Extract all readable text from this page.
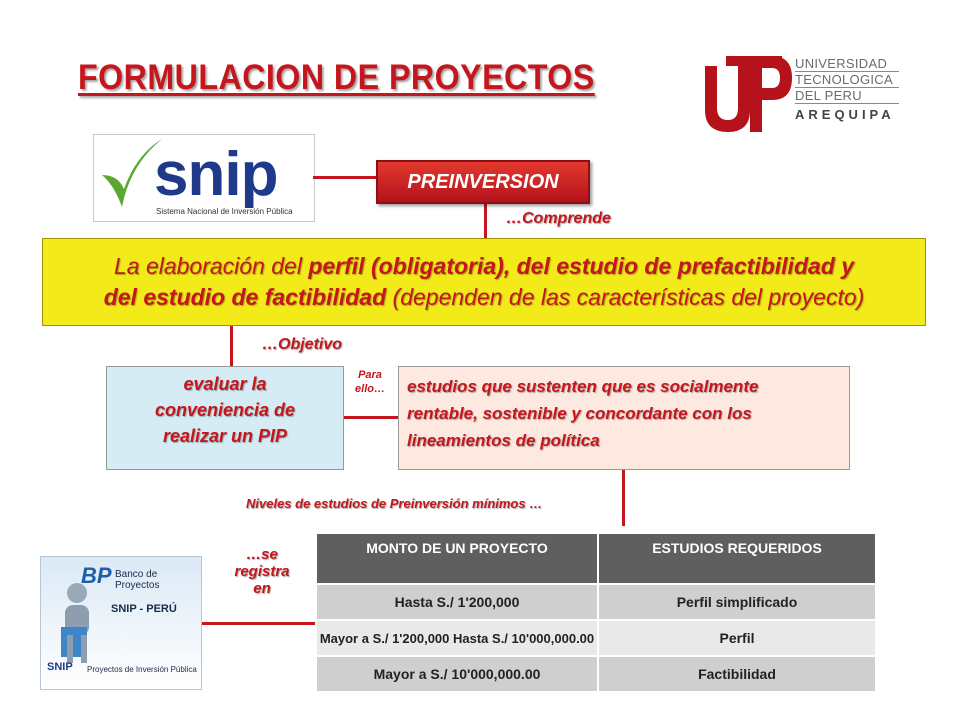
FORMULACION DE PROYECTOS	UNIVERSIDAD
TECNOLOGICA
DEL PERU
AREQUIPA
snip
Sistema Nacional de Inversión Pública
PREINVERSION
…Comprende
La elaboración del perfil (obligatoria), del estudio de prefactibilidad y
del estudio de factibilidad (dependen de las características del proyecto)
…Objetivo
evaluar la
conveniencia de
realizar un PIP
Para
ello…	estudios que sustenten que es socialmente
rentable, sostenible y concordante con los
lineamientos de política
Niveles de estudios de Preinversión mínimos …
…se
registra
en
BP Banco de Proyectos
SNIP - PERÚ
SNIP Proyectos de Inversión Pública
MONTO DE UN PROYECTO	ESTUDIOS REQUERIDOS
Hasta S./ 1'200,000	Perfil simplificado
Mayor a S./ 1'200,000 Hasta S./ 10'000,000.00	Perfil
Mayor a S./ 10'000,000.00	Factibilidad
